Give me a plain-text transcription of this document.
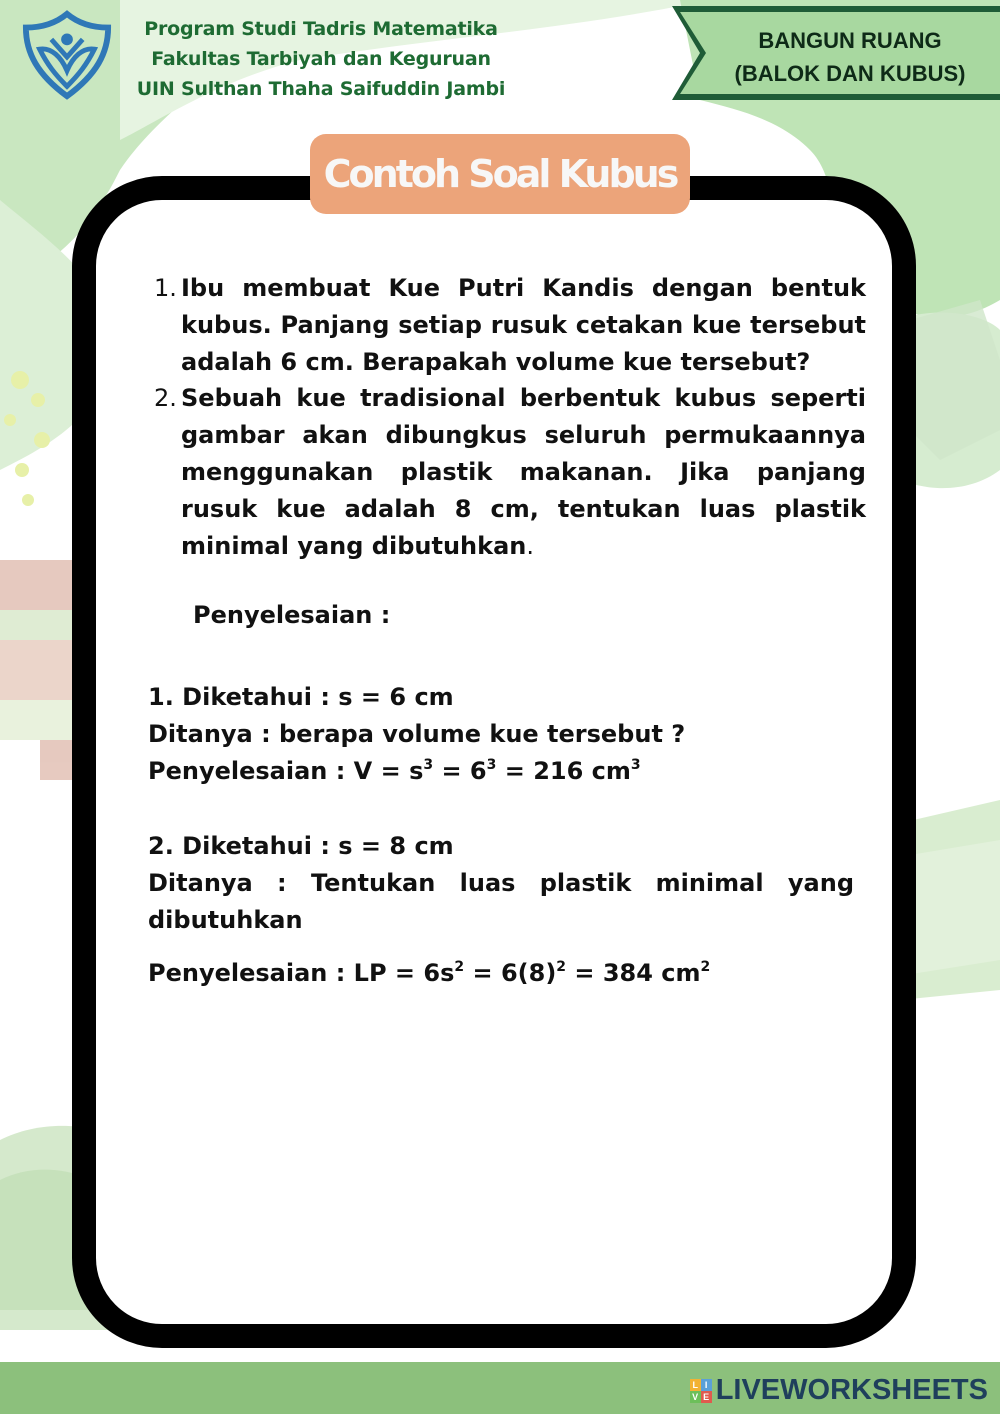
Program Studi Tadris Matematika
Fakultas Tarbiyah dan Keguruan
UIN Sulthan Thaha Saifuddin Jambi
BANGUN RUANG
(BALOK DAN KUBUS)
Contoh Soal Kubus
1. Ibu membuat Kue Putri Kandis dengan bentuk kubus. Panjang setiap rusuk cetakan kue tersebut adalah 6 cm. Berapakah volume kue tersebut?
2. Sebuah kue tradisional berbentuk kubus seperti gambar akan dibungkus seluruh permukaannya menggunakan plastik makanan. Jika panjang rusuk kue adalah 8 cm, tentukan luas plastik minimal yang dibutuhkan.
Penyelesaian :

1. Diketahui : s = 6 cm

Ditanya : berapa volume kue tersebut ?

Penyelesaian : $V = s^3 = 6^3 = 216$ $cm^3$

2. Diketahui : s = 8 cm

Ditanya : Tentukan luas plastik minimal yang dibutuhkan

Penyelesaian : LP = $6s^2 = 6(8)^2 = 384$ $cm^2$

L I
V E LIVEWORKSHEETS
